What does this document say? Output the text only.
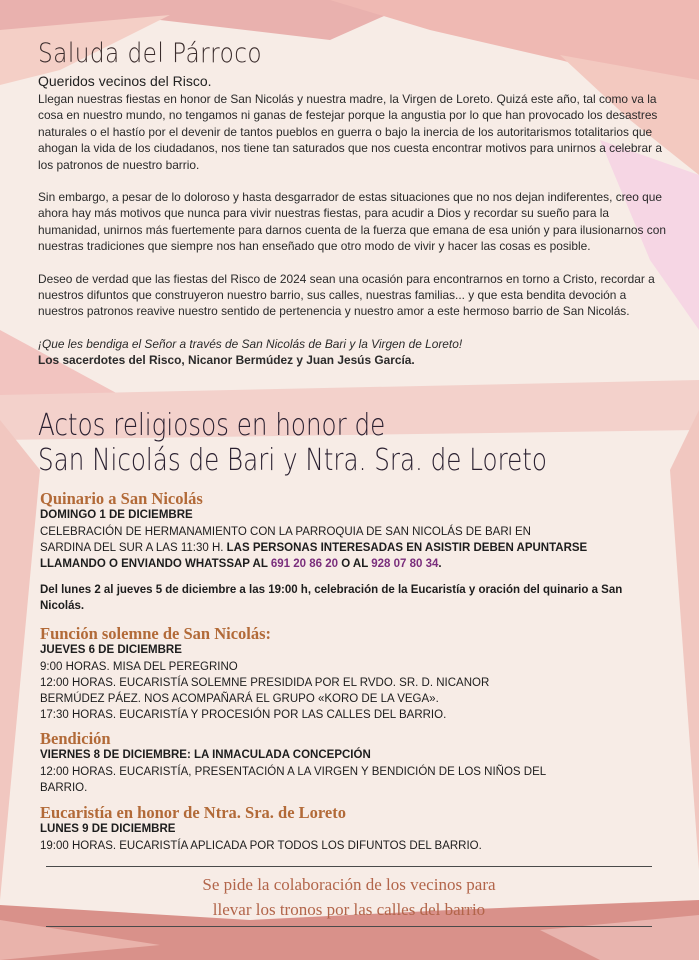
Saluda del Párroco

Queridos vecinos del Risco.

Llegan nuestras fiestas en honor de San Nicolás y nuestra madre, la Virgen de Loreto. Quizá este año, tal como va la cosa en nuestro mundo, no tengamos ni ganas de festejar porque la angustia por lo que han provocado los desastres naturales o el hastío por el devenir de tantos pueblos en guerra o bajo la inercia de los autoritarismos totalitarios que ahogan la vida de los ciudadanos, nos tiene tan saturados que nos cuesta encontrar motivos para unirnos a celebrar a los patronos de nuestro barrio.

Sin embargo, a pesar de lo doloroso y hasta desgarrador de estas situaciones que no nos dejan indiferentes, creo que ahora hay más motivos que nunca para vivir nuestras fiestas, para acudir a Dios y recordar su sueño para la humanidad, unirnos más fuertemente para darnos cuenta de la fuerza que emana de esa unión y para ilusionarnos con nuestras tradiciones que siempre nos han enseñado que otro modo de vivir y hacer las cosas es posible.

Deseo de verdad que las fiestas del Risco de 2024 sean una ocasión para encontrarnos en torno a Cristo, recordar a nuestros difuntos que construyeron nuestro barrio, sus calles, nuestras familias... y que esta bendita devoción a nuestros patronos reavive nuestro sentido de pertenencia y nuestro amor a este hermoso barrio de San Nicolás.

¡Que les bendiga el Señor a través de San Nicolás de Bari y la Virgen de Loreto!

Los sacerdotes del Risco, Nicanor Bermúdez y Juan Jesús García.

Actos religiosos en honor de
San Nicolás de Bari y Ntra. Sra. de Loreto
Quinario a San Nicolás

DOMINGO 1 DE DICIEMBRE

CELEBRACIÓN DE HERMANAMIENTO CON LA PARROQUIA DE SAN NICOLÁS DE BARI EN

SARDINA DEL SUR A LAS 11:30 H. LAS PERSONAS INTERESADAS EN ASISTIR DEBEN APUNTARSE

LLAMANDO O ENVIANDO WHATSSAP AL 691 20 86 20 O AL 928 07 80 34.

Del lunes 2 al jueves 5 de diciembre a las 19:00 h, celebración de la Eucaristía y oración del quinario a San Nicolás.

Función solemne de San Nicolás:

JUEVES 6 DE DICIEMBRE

9:00 HORAS. MISA DEL PEREGRINO

12:00 HORAS. EUCARISTÍA SOLEMNE PRESIDIDA POR EL RVDO. SR. D. NICANOR

BERMÚDEZ PÁEZ. NOS ACOMPAÑARÁ EL GRUPO «KORO DE LA VEGA».

17:30 HORAS. EUCARISTÍA Y PROCESIÓN POR LAS CALLES DEL BARRIO.

Bendición

VIERNES 8 DE DICIEMBRE: LA INMACULADA CONCEPCIÓN

12:00 HORAS. EUCARISTÍA, PRESENTACIÓN A LA VIRGEN Y BENDICIÓN DE LOS NIÑOS DEL

BARRIO.

Eucaristía en honor de Ntra. Sra. de Loreto

LUNES 9 DE DICIEMBRE

19:00 HORAS. EUCARISTÍA APLICADA POR TODOS LOS DIFUNTOS DEL BARRIO.

Se pide la colaboración de los vecinos para
llevar los tronos por las calles del barrio
